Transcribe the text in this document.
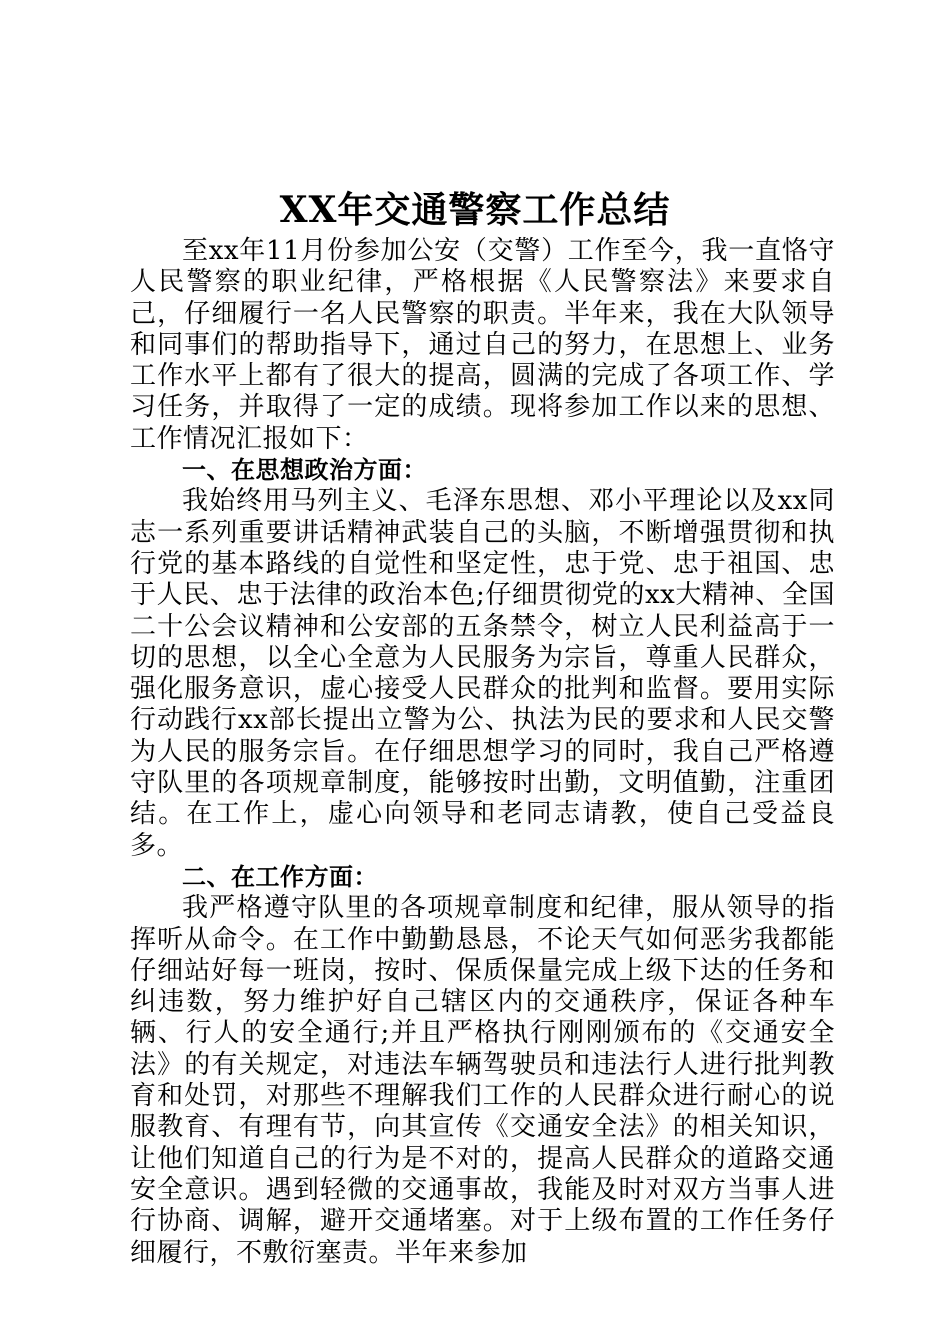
XX年交通警察工作总结

至xx年11月份参加公安（交警）工作至今，我一直恪守人民警察的职业纪律，严格根据《人民警察法》来要求自己，仔细履行一名人民警察的职责。半年来，我在大队领导和同事们的帮助指导下，通过自己的努力，在思想上、业务工作水平上都有了很大的提高，圆满的完成了各项工作、学习任务，并取得了一定的成绩。现将参加工作以来的思想、工作情况汇报如下：

一、在思想政治方面：

我始终用马列主义、毛泽东思想、邓小平理论以及xx同志一系列重要讲话精神武装自己的头脑，不断增强贯彻和执行党的基本路线的自觉性和坚定性，忠于党、忠于祖国、忠于人民、忠于法律的政治本色;仔细贯彻党的xx大精神、全国二十公会议精神和公安部的五条禁令，树立人民利益高于一切的思想，以全心全意为人民服务为宗旨，尊重人民群众，强化服务意识，虚心接受人民群众的批判和监督。要用实际行动践行xx部长提出立警为公、执法为民的要求和人民交警为人民的服务宗旨。在仔细思想学习的同时，我自己严格遵守队里的各项规章制度，能够按时出勤，文明值勤，注重团结。在工作上，虚心向领导和老同志请教，使自己受益良多。

二、在工作方面：

我严格遵守队里的各项规章制度和纪律，服从领导的指挥听从命令。在工作中勤勤恳恳，不论天气如何恶劣我都能仔细站好每一班岗，按时、保质保量完成上级下达的任务和纠违数，努力维护好自己辖区内的交通秩序，保证各种车辆、行人的安全通行;并且严格执行刚刚颁布的《交通安全法》的有关规定，对违法车辆驾驶员和违法行人进行批判教育和处罚，对那些不理解我们工作的人民群众进行耐心的说服教育、有理有节，向其宣传《交通安全法》的相关知识，让他们知道自己的行为是不对的，提高人民群众的道路交通安全意识。遇到轻微的交通事故，我能及时对双方当事人进行协商、调解，避开交通堵塞。对于上级布置的工作任务仔细履行，不敷衍塞责。半年来参加
